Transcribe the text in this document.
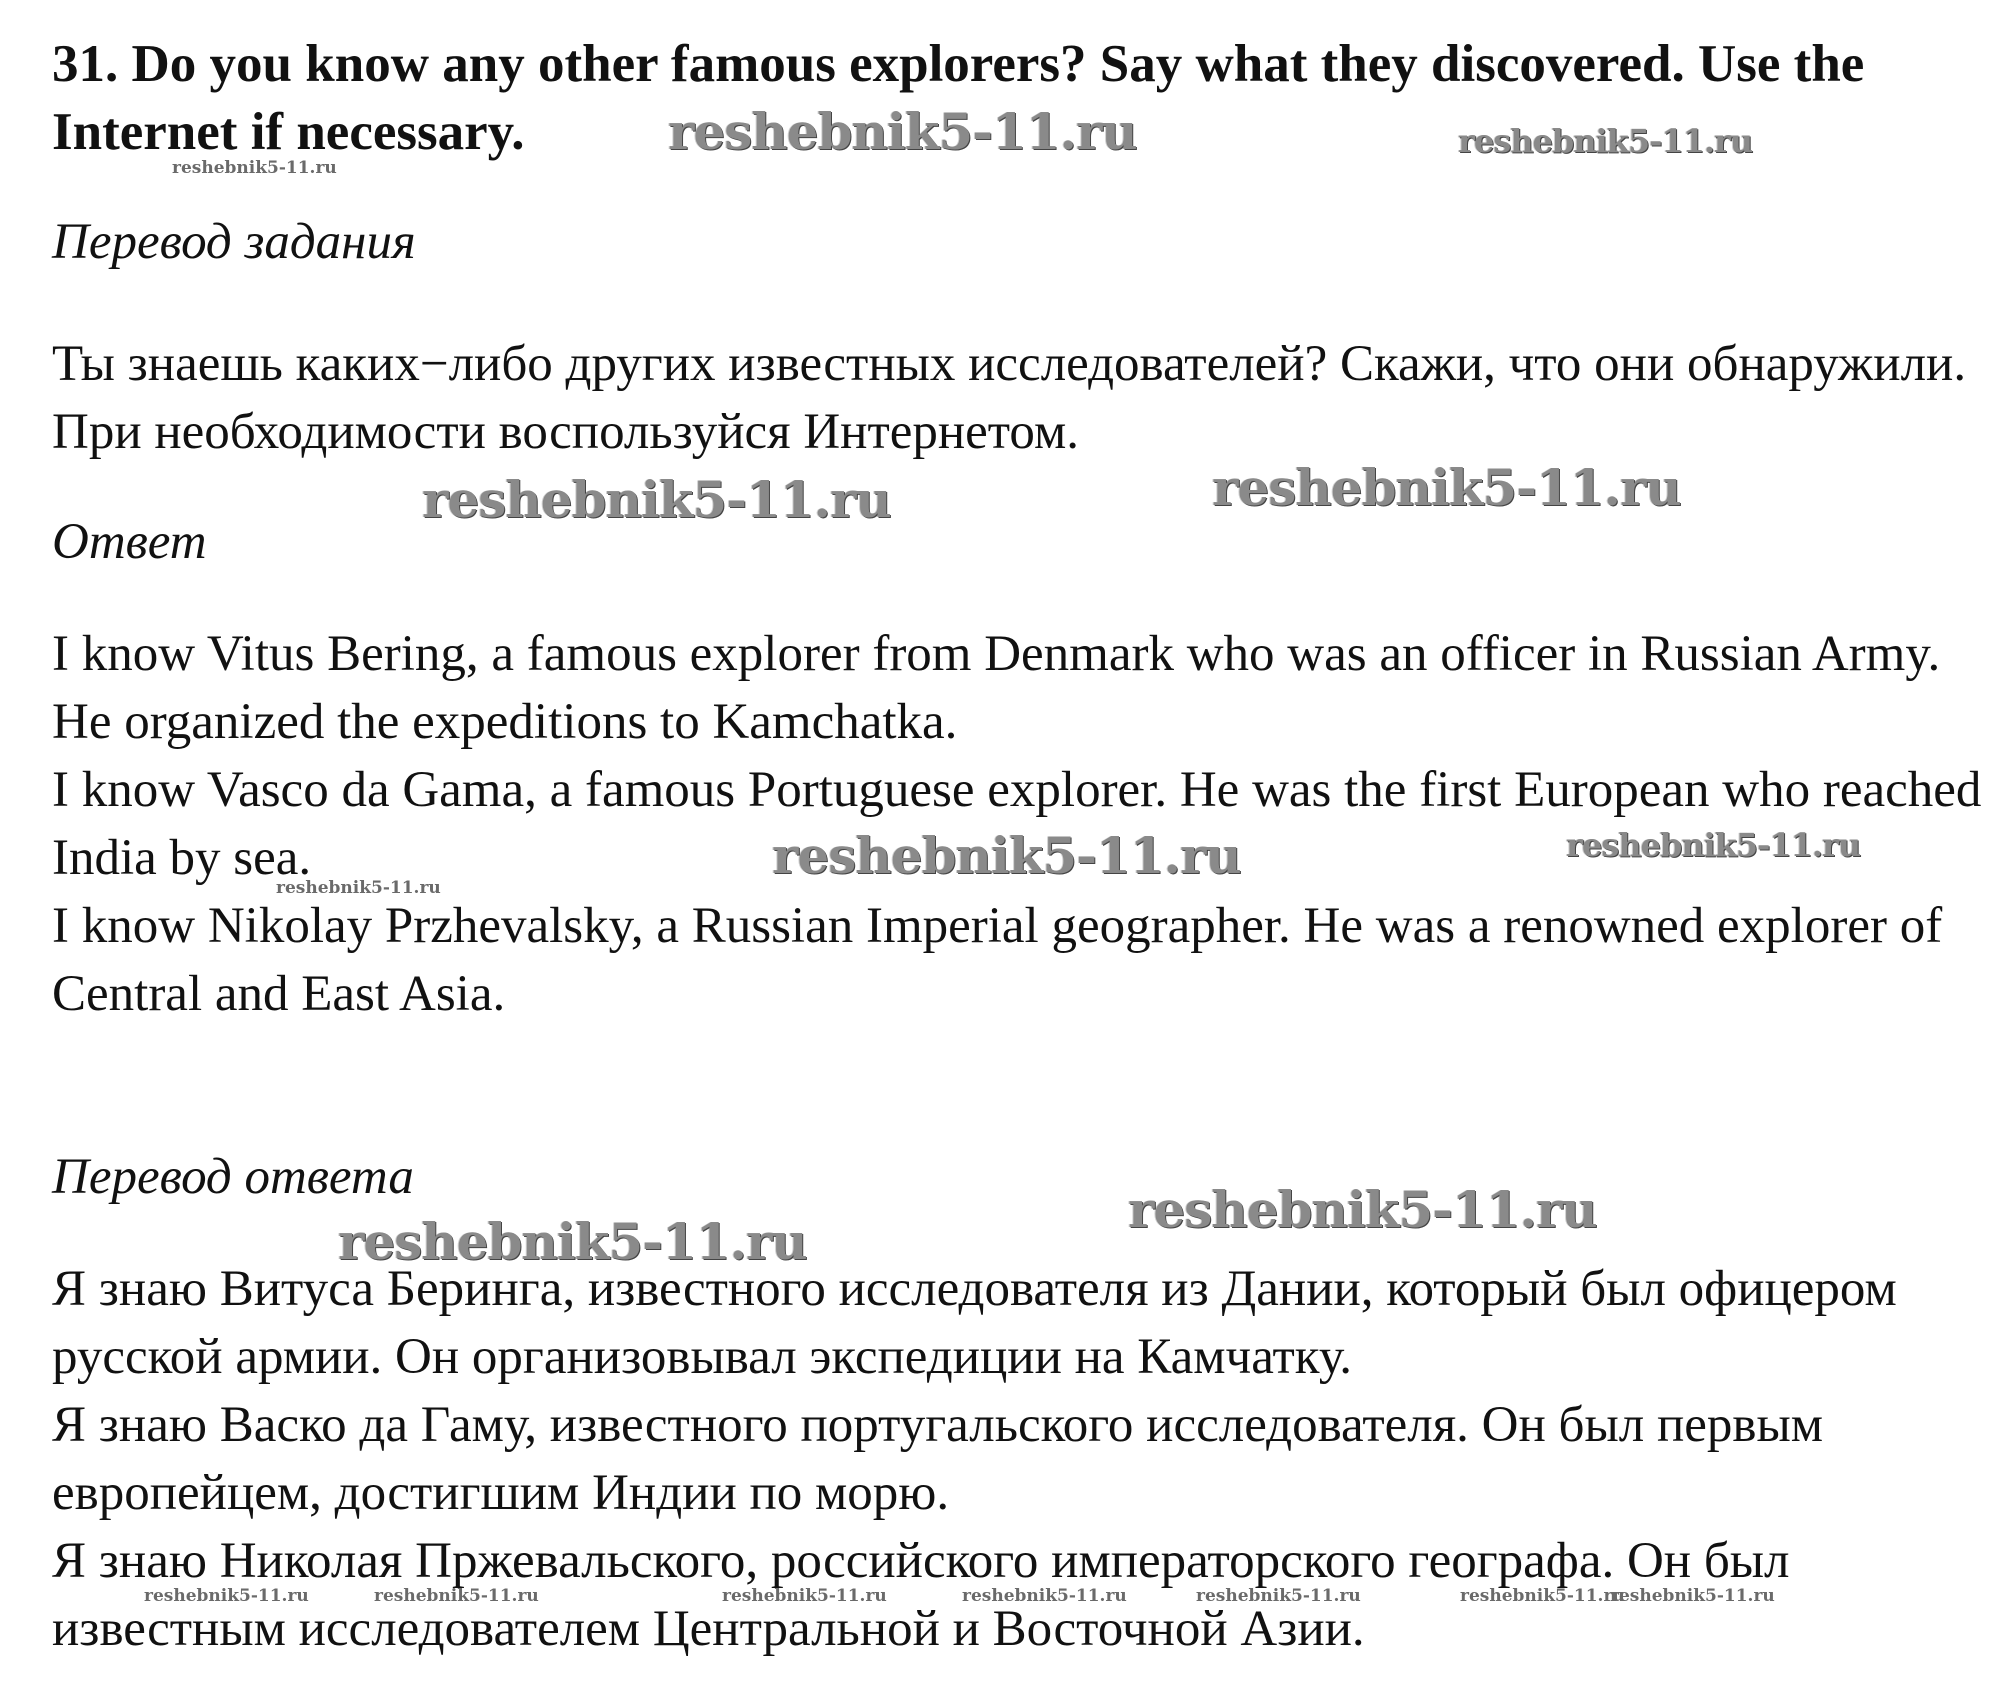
31. Do you know any other famous explorers? Say what they discovered. Use the Internet if necessary.

Перевод задания

Ты знаешь каких−либо других известных исследователей? Скажи, что они обнаружили. При необходимости воспользуйся Интернетом.

Ответ

I know Vitus Bering, a famous explorer from Denmark who was an officer in Russian Army. He organized the expeditions to Kamchatka.

I know Vasco da Gama, a famous Portuguese explorer. He was the first European who reached India by sea.

I know Nikolay Przhevalsky, a Russian Imperial geographer. He was a renowned explorer of Central and East Asia.

Перевод ответа

Я знаю Витуса Беринга, известного исследователя из Дании, который был офицером русской армии. Он организовывал экспедиции на Камчатку.

Я знаю Васко да Гаму, известного португальского исследователя. Он был первым европейцем, достигшим Индии по морю.

Я знаю Николая Пржевальского, российского императорского географа. Он был известным исследователем Центральной и Восточной Азии.

reshebnik5-11.ru	reshebnik5-11.ru
reshebnik5-11.ru
reshebnik5-11.ru	reshebnik5-11.ru
reshebnik5-11.ru	reshebnik5-11.ru
reshebnik5-11.ru
reshebnik5-11.ru
reshebnik5-11.ru
reshebnik5-11.ru	reshebnik5-11.ru	reshebnik5-11.ru	reshebnik5-11.ru	reshebnik5-11.ru	reshebnik5-11.ru
reshebnik5-11.ru
